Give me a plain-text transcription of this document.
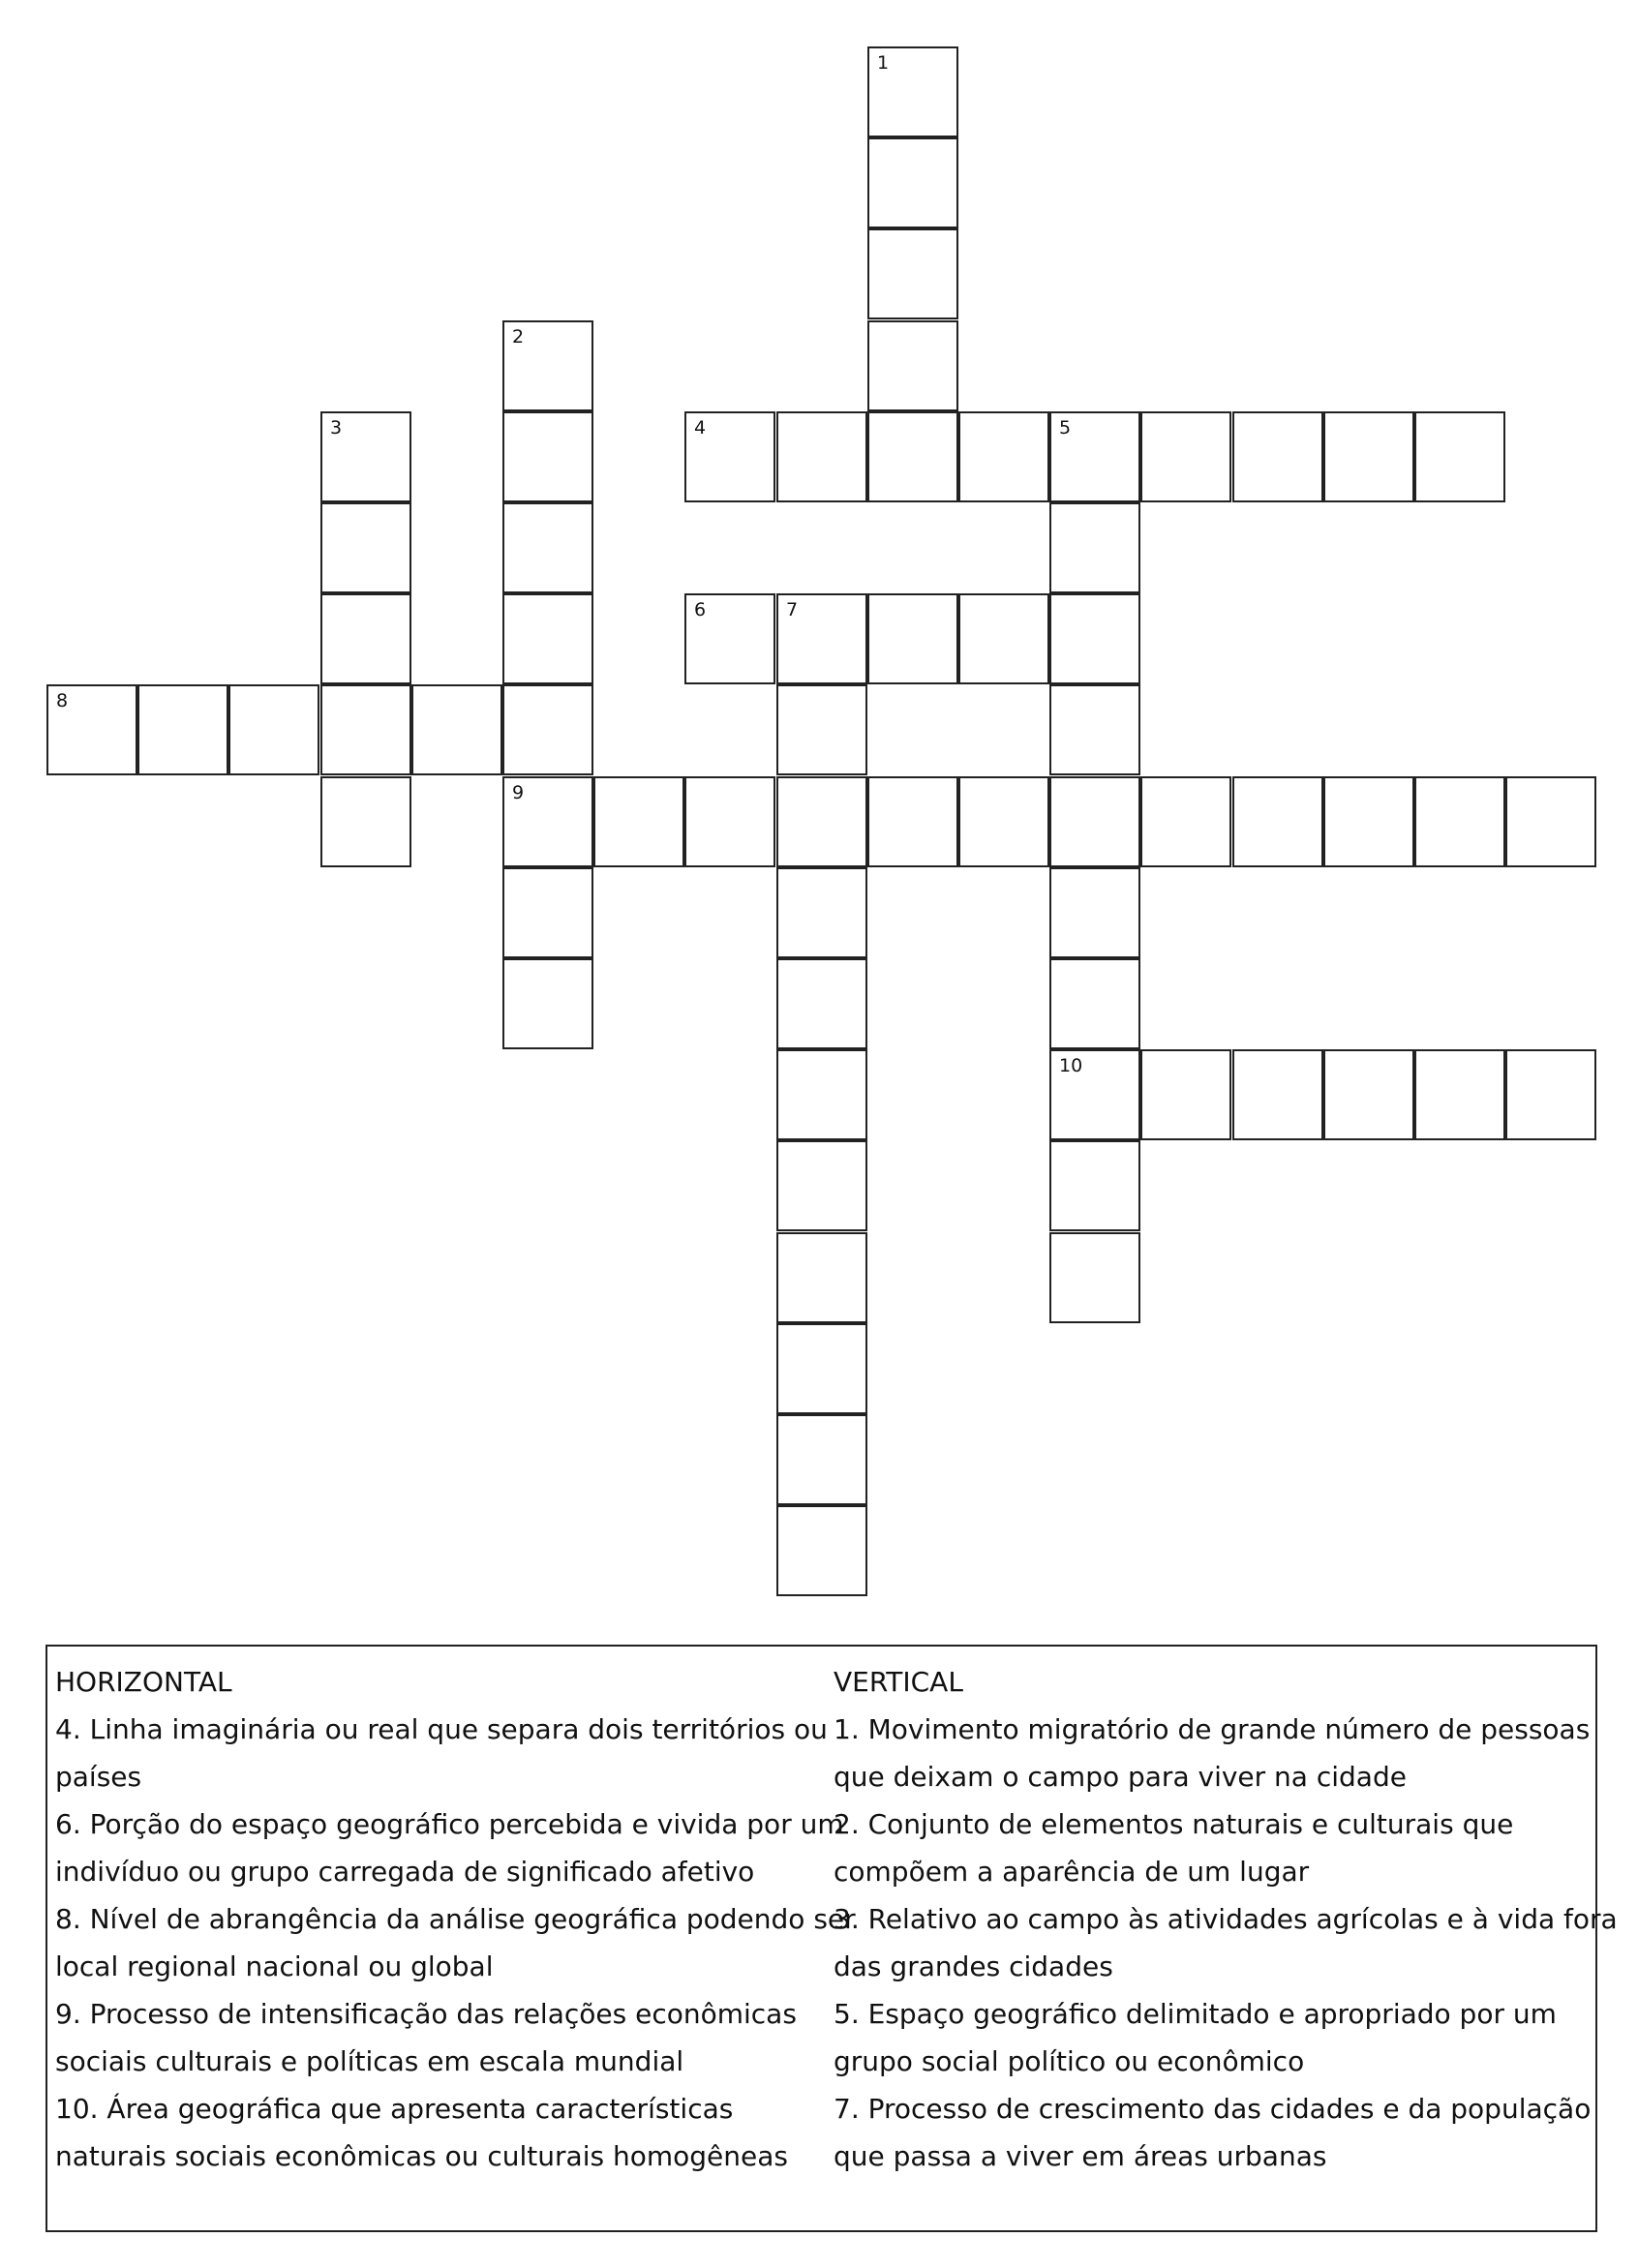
1
2
3	4	5
6	7
8
9
10
HORIZONTAL
4. Linha imaginária ou real que separa dois territórios ou
países
6. Porção do espaço geográfico percebida e vivida por um
indivíduo ou grupo carregada de significado afetivo
8. Nível de abrangência da análise geográfica podendo ser
local regional nacional ou global
9. Processo de intensificação das relações econômicas
sociais culturais e políticas em escala mundial
10. Área geográfica que apresenta características
naturais sociais econômicas ou culturais homogêneas
VERTICAL
1. Movimento migratório de grande número de pessoas
que deixam o campo para viver na cidade
2. Conjunto de elementos naturais e culturais que
compõem a aparência de um lugar
3. Relativo ao campo às atividades agrícolas e à vida fora
das grandes cidades
5. Espaço geográfico delimitado e apropriado por um
grupo social político ou econômico
7. Processo de crescimento das cidades e da população
que passa a viver em áreas urbanas
